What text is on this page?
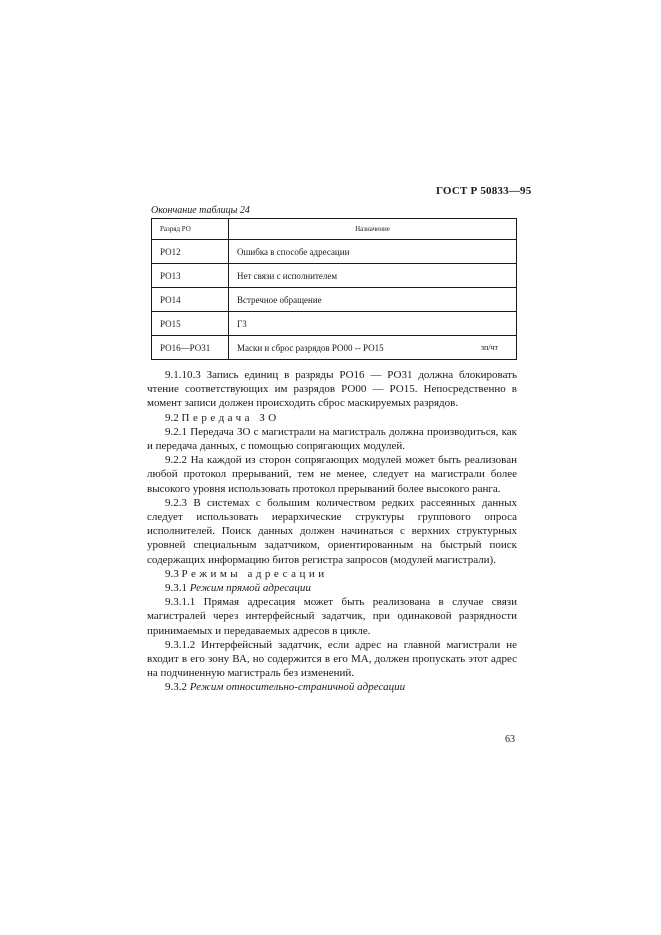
ГОСТ Р 50833—95
Окончание таблицы 24
Разряд РО	Назначение
РО12	Ошибка в способе адресации
РО13	Нет связи с исполнителем
РО14	Встречное обращение
РО15	Г3
РО16—РО31	Маски и сброс разрядов РО00 -- РО15 зп/чт

9.1.10.3 Запись единиц в разряды РО16 — РО31 должна блокировать чтение соответствующих им разрядов РО00 — РО15. Непосредственно в момент записи должен происходить сброс маскируемых разрядов.

9.2 Передача ЗО

9.2.1 Передача ЗО с магистрали на магистраль должна производиться, как и передача данных, с помощью сопрягающих модулей.

9.2.2 На каждой из сторон сопрягающих модулей может быть реализован любой протокол прерываний, тем не менее, следует на магистрали более высокого уровня использовать протокол прерываний более высокого ранга.

9.2.3 В системах с большим количеством редких рассеянных данных следует использовать иерархические структуры группового опроса исполнителей. Поиск данных должен начинаться с верхних структурных уровней специальным задатчиком, ориентированным на быстрый поиск содержащих информацию битов регистра запросов (модулей магистрали).

9.3 Режимы адресации

9.3.1 Режим прямой адресации

9.3.1.1 Прямая адресация может быть реализована в случае связи магистралей через интерфейсный задатчик, при одинаковой разрядности принимаемых и передаваемых адресов в цикле.

9.3.1.2 Интерфейсный задатчик, если адрес на главной магистрали не входит в его зону ВА, но содержится в его МА, должен пропускать этот адрес на подчиненную магистраль без изменений.

9.3.2 Режим относительно-страничной адресации

63
